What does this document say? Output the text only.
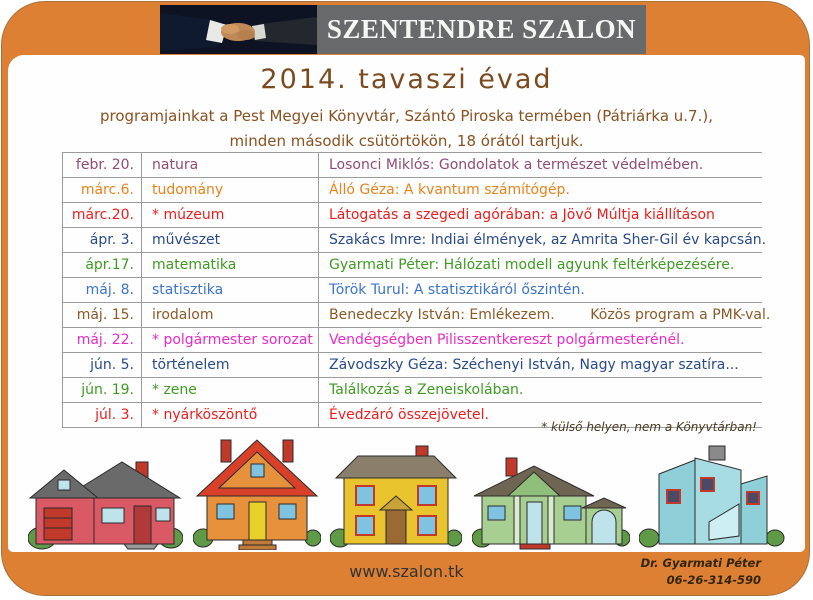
SZENTENDRE SZALON
2014. tavaszi évad
programjainkat a Pest Megyei Könyvtár, Szántó Piroska termében (Pátriárka u.7.),
minden második csütörtökön, 18 órától tartjuk.
febr. 20.	natura	Losonci Miklós: Gondolatok a természet védelmében.
márc.6.	tudomány	Álló Géza: A kvantum számítógép.
márc.20.	* múzeum	Látogatás a szegedi agórában: a Jövő Múltja kiállításon
ápr. 3.	művészet	Szakács Imre: Indiai élmények, az Amrita Sher-Gil év kapcsán.
ápr.17.	matematika	Gyarmati Péter: Hálózati modell agyunk feltérképezésére.
máj. 8.	statisztika	Török Turul: A statisztikáról őszintén.
máj. 15.	irodalom	Benedeczky István: Emlékezem.        Közös program a PMK-val.
máj. 22.	* polgármester sorozat	Vendégségben Pilisszentkereszt polgármesterénél.
jún. 5.	történelem	Závodszky Géza: Széchenyi István, Nagy magyar szatíra...
jún. 19.	* zene	Találkozás a Zeneiskolában.
júl. 3.	* nyárköszöntő	Évedzáró összejövetel.
* külső helyen, nem a Könyvtárban!
www.szalon.tk	Dr. Gyarmati Péter
06-26-314-590
